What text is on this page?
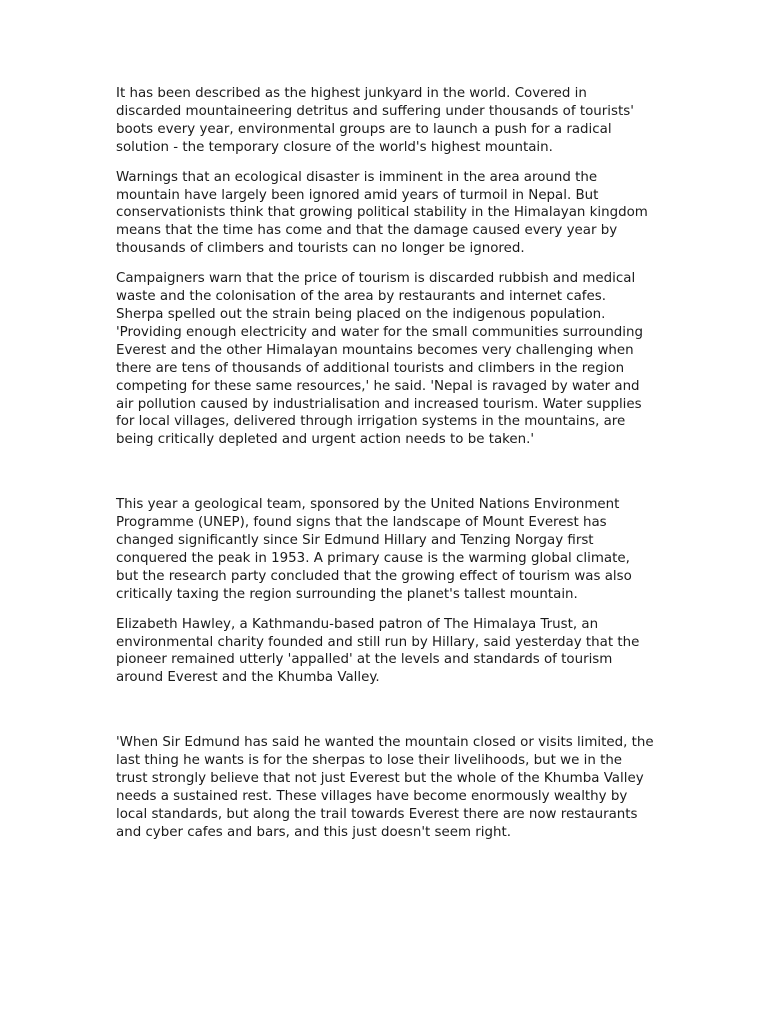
It has been described as the highest junkyard in the world. Covered in discarded mountaineering detritus and suffering under thousands of tourists' boots every year, environmental groups are to launch a push for a radical solution - the temporary closure of the world's highest mountain.

Warnings that an ecological disaster is imminent in the area around the mountain have largely been ignored amid years of turmoil in Nepal. But conservationists think that growing political stability in the Himalayan kingdom means that the time has come and that the damage caused every year by thousands of climbers and tourists can no longer be ignored.

Campaigners warn that the price of tourism is discarded rubbish and medical waste and the colonisation of the area by restaurants and internet cafes. Sherpa spelled out the strain being placed on the indigenous population. 'Providing enough electricity and water for the small communities surrounding Everest and the other Himalayan mountains becomes very challenging when there are tens of thousands of additional tourists and climbers in the region competing for these same resources,' he said. 'Nepal is ravaged by water and air pollution caused by industrialisation and increased tourism. Water supplies for local villages, delivered through irrigation systems in the mountains, are being critically depleted and urgent action needs to be taken.'

This year a geological team, sponsored by the United Nations Environment Programme (UNEP), found signs that the landscape of Mount Everest has changed significantly since Sir Edmund Hillary and Tenzing Norgay first conquered the peak in 1953. A primary cause is the warming global climate, but the research party concluded that the growing effect of tourism was also critically taxing the region surrounding the planet's tallest mountain.

Elizabeth Hawley, a Kathmandu-based patron of The Himalaya Trust, an environmental charity founded and still run by Hillary, said yesterday that the pioneer remained utterly 'appalled' at the levels and standards of tourism around Everest and the Khumba Valley.

'When Sir Edmund has said he wanted the mountain closed or visits limited, the last thing he wants is for the sherpas to lose their livelihoods, but we in the trust strongly believe that not just Everest but the whole of the Khumba Valley needs a sustained rest. These villages have become enormously wealthy by local standards, but along the trail towards Everest there are now restaurants and cyber cafes and bars, and this just doesn't seem right.
